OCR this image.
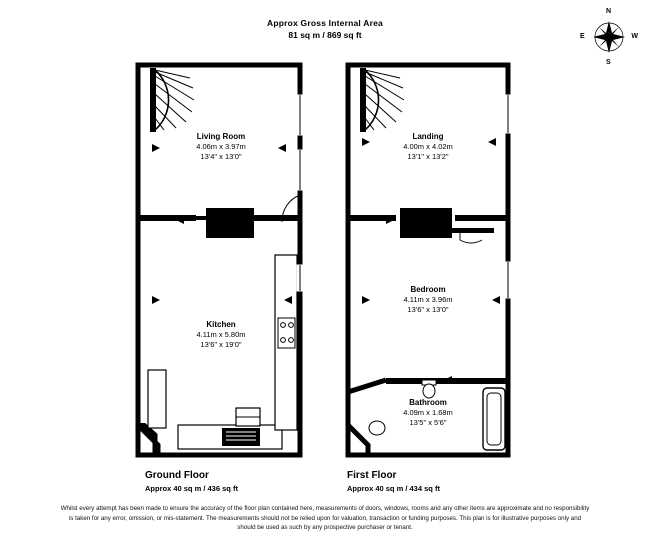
Approx Gross Internal Area
81 sq m / 869 sq ft
N
S
E	W
Living Room
4.06m x 3.97m
13'4" x 13'0"
Kitchen
4.11m x 5.80m
13'6" x 19'0"
Landing
4.00m x 4.02m
13'1" x 13'2"
Bedroom
4.11m x 3.96m
13'6" x 13'0"
Bathroom
4.09m x 1.68m
13'5" x 5'6"
Ground Floor
Approx 40 sq m / 436 sq ft
First Floor
Approx 40 sq m / 434 sq ft
Whilst every attempt has been made to ensure the accuracy of the floor plan contained here, measurements of doors, windows, rooms and any other items are approximate and no responsibility is taken for any error, omission, or mis-statement. The measurements should not be relied upon for valuation, transaction or funding purposes. This plan is for illustrative purposes only and should be used as such by any prospective purchaser or tenant.
